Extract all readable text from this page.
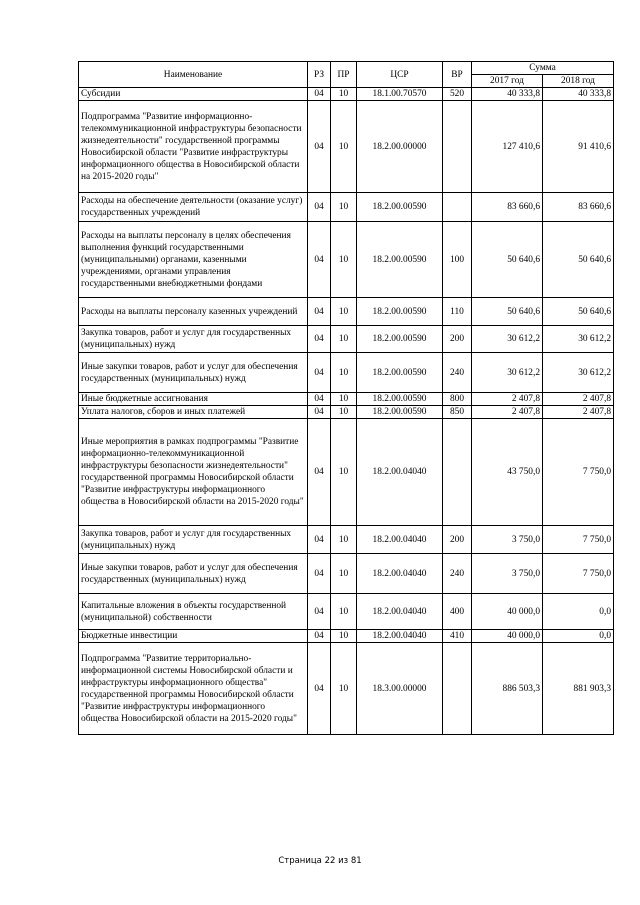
Наименование	РЗ	ПР	ЦСР	ВР	Сумма	
					2017 год	2018 год
Субсидии	04	10	18.1.00.70570	520	40 333,8	40 333,8
Подпрограмма "Развитие информационно-телекоммуникационной инфраструктуры безопасности жизнедеятельности" государственной программы Новосибирской области "Развитие инфраструктуры информационного общества в Новосибирской области на 2015-2020 годы"	04	10	18.2.00.00000		127 410,6	91 410,6
Расходы на обеспечение деятельности (оказание услуг) государственных учреждений	04	10	18.2.00.00590		83 660,6	83 660,6
Расходы на выплаты персоналу в целях обеспечения выполнения функций государственными (муниципальными) органами, казенными учреждениями, органами управления государственными внебюджетными фондами	04	10	18.2.00.00590	100	50 640,6	50 640,6
Расходы на выплаты персоналу казенных учреждений	04	10	18.2.00.00590	110	50 640,6	50 640,6
Закупка товаров, работ и услуг для государственных (муниципальных) нужд	04	10	18.2.00.00590	200	30 612,2	30 612,2
Иные закупки товаров, работ и услуг для обеспечения государственных (муниципальных) нужд	04	10	18.2.00.00590	240	30 612,2	30 612,2
Иные бюджетные ассигнования	04	10	18.2.00.00590	800	2 407,8	2 407,8
Уплата налогов, сборов и иных платежей	04	10	18.2.00.00590	850	2 407,8	2 407,8
Иные мероприятия в рамках подпрограммы "Развитие информационно-телекоммуникационной инфраструктуры безопасности жизнедеятельности" государственной программы Новосибирской области "Развитие инфраструктуры информационного общества в Новосибирской области на 2015-2020 годы"	04	10	18.2.00.04040		43 750,0	7 750,0
Закупка товаров, работ и услуг для государственных (муниципальных) нужд	04	10	18.2.00.04040	200	3 750,0	7 750,0
Иные закупки товаров, работ и услуг для обеспечения государственных (муниципальных) нужд	04	10	18.2.00.04040	240	3 750,0	7 750,0
Капитальные вложения в объекты государственной (муниципальной) собственности	04	10	18.2.00.04040	400	40 000,0	0,0
Бюджетные инвестиции	04	10	18.2.00.04040	410	40 000,0	0,0
Подпрограмма "Развитие территориально-информационной системы Новосибирской области и инфраструктуры информационного общества" государственной программы Новосибирской области "Развитие инфраструктуры информационного общества Новосибирской области на 2015-2020 годы"	04	10	18.3.00.00000		886 503,3	881 903,3
Страница 22 из 81
